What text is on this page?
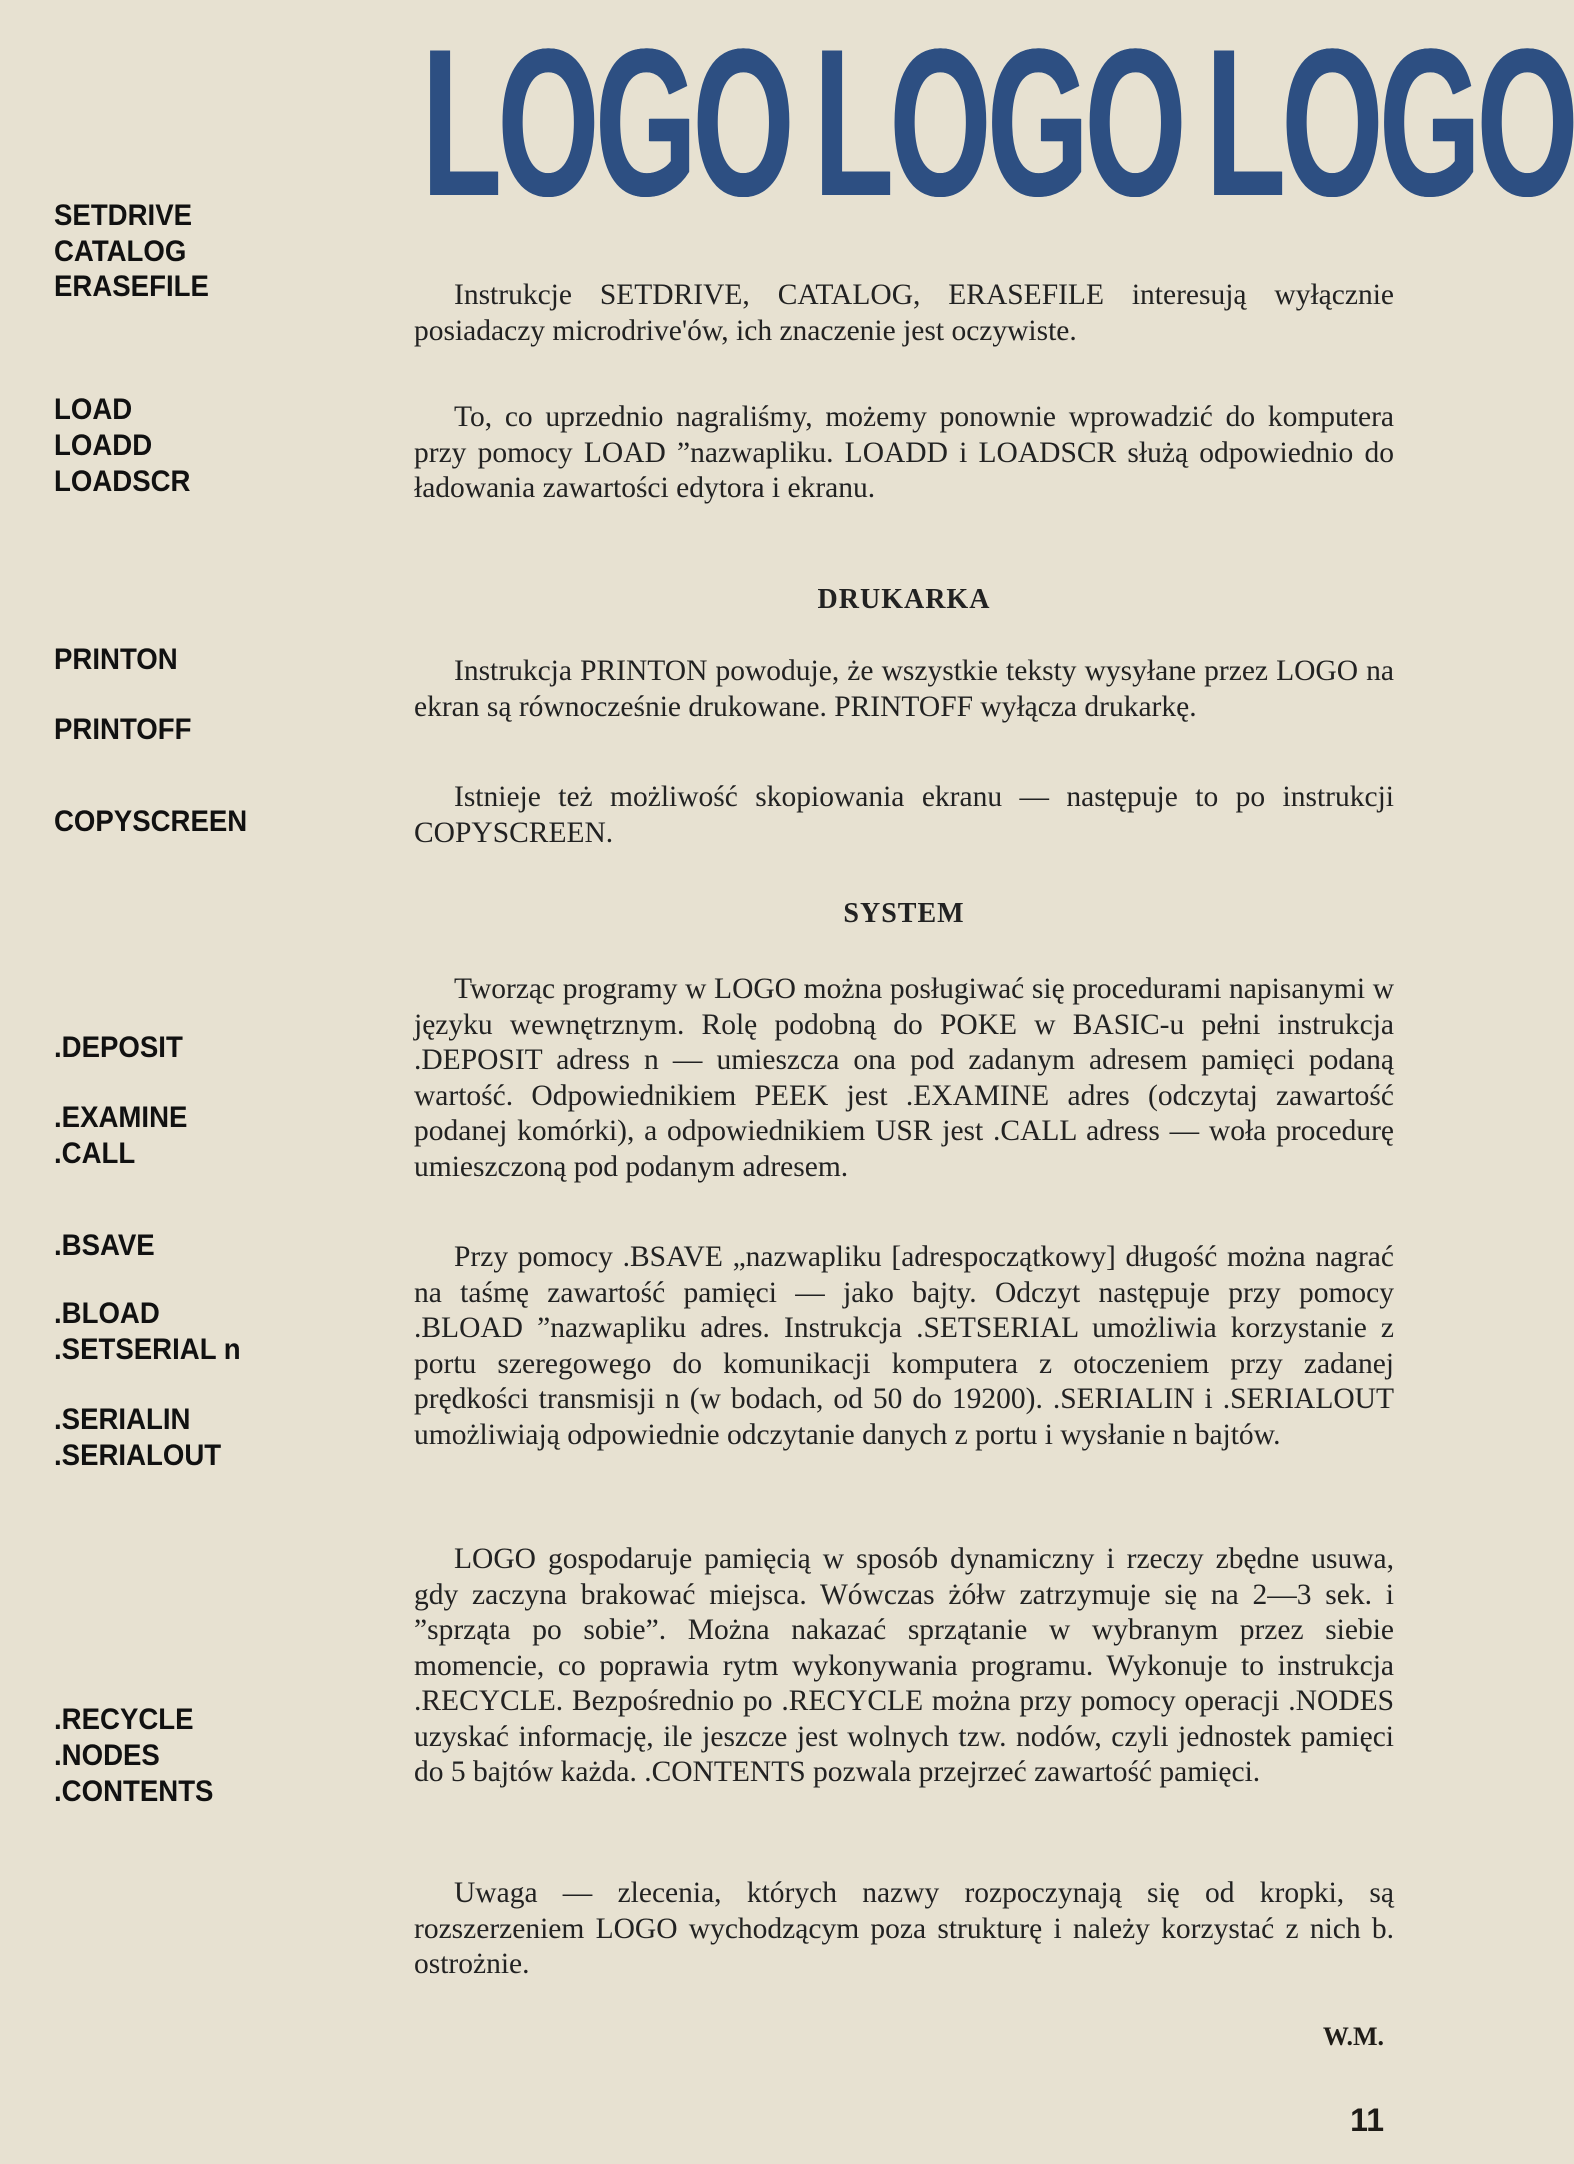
LOGO LOGO LOGO
SETDRIVE
CATALOG
ERASEFILE
LOAD
LOADD
LOADSCR
PRINTON
PRINTOFF
COPYSCREEN
.DEPOSIT
.EXAMINE
.CALL
.BSAVE
.BLOAD
.SETSERIAL n
.SERIALIN
.SERIALOUT
.RECYCLE
.NODES
.CONTENTS

Instrukcje SETDRIVE, CATALOG, ERASEFILE interesują wyłącznie posiadaczy microdrive'ów, ich znaczenie jest oczywiste.

To, co uprzednio nagraliśmy, możemy ponownie wprowadzić do komputera przy pomocy LOAD ”nazwapliku. LOADD i LOADSCR służą odpowiednio do ładowania zawartości edytora i ekranu.

DRUKARKA

Instrukcja PRINTON powoduje, że wszystkie teksty wysyłane przez LOGO na ekran są równocześnie drukowane. PRINTOFF wyłącza drukarkę.

Istnieje też możliwość skopiowania ekranu — następuje to po instrukcji COPYSCREEN.

SYSTEM

Tworząc programy w LOGO można posługiwać się procedurami napisanymi w języku wewnętrznym. Rolę podobną do POKE w BASIC-u pełni instrukcja .DEPOSIT adress n — umieszcza ona pod zadanym adresem pamięci podaną wartość. Odpowiednikiem PEEK jest .EXAMINE adres (odczytaj zawartość podanej komórki), a odpowiednikiem USR jest .CALL adress — woła procedurę umieszczoną pod podanym adresem.

Przy pomocy .BSAVE „nazwapliku [adrespoczątkowy] długość można nagrać na taśmę zawartość pamięci — jako bajty. Odczyt następuje przy pomocy .BLOAD ”nazwapliku adres. Instrukcja .SETSERIAL umożliwia korzystanie z portu szeregowego do komunikacji komputera z otoczeniem przy zadanej prędkości transmisji n (w bodach, od 50 do 19200). .SERIALIN i .SERIALOUT umożliwiają odpowiednie odczytanie danych z portu i wysłanie n bajtów.

LOGO gospodaruje pamięcią w sposób dynamiczny i rzeczy zbędne usuwa, gdy zaczyna brakować miejsca. Wówczas żółw zatrzymuje się na 2—3 sek. i ”sprząta po sobie”. Można nakazać sprzątanie w wybranym przez siebie momencie, co poprawia rytm wykonywania programu. Wykonuje to instrukcja .RECYCLE. Bezpośrednio po .RECYCLE można przy pomocy operacji .NODES uzyskać informację, ile jeszcze jest wolnych tzw. nodów, czyli jednostek pamięci do 5 bajtów każda. .CONTENTS pozwala przejrzeć zawartość pamięci.

Uwaga — zlecenia, których nazwy rozpoczynają się od kropki, są rozszerzeniem LOGO wychodzącym poza strukturę i należy korzystać z nich b. ostrożnie.

W.M.
11
